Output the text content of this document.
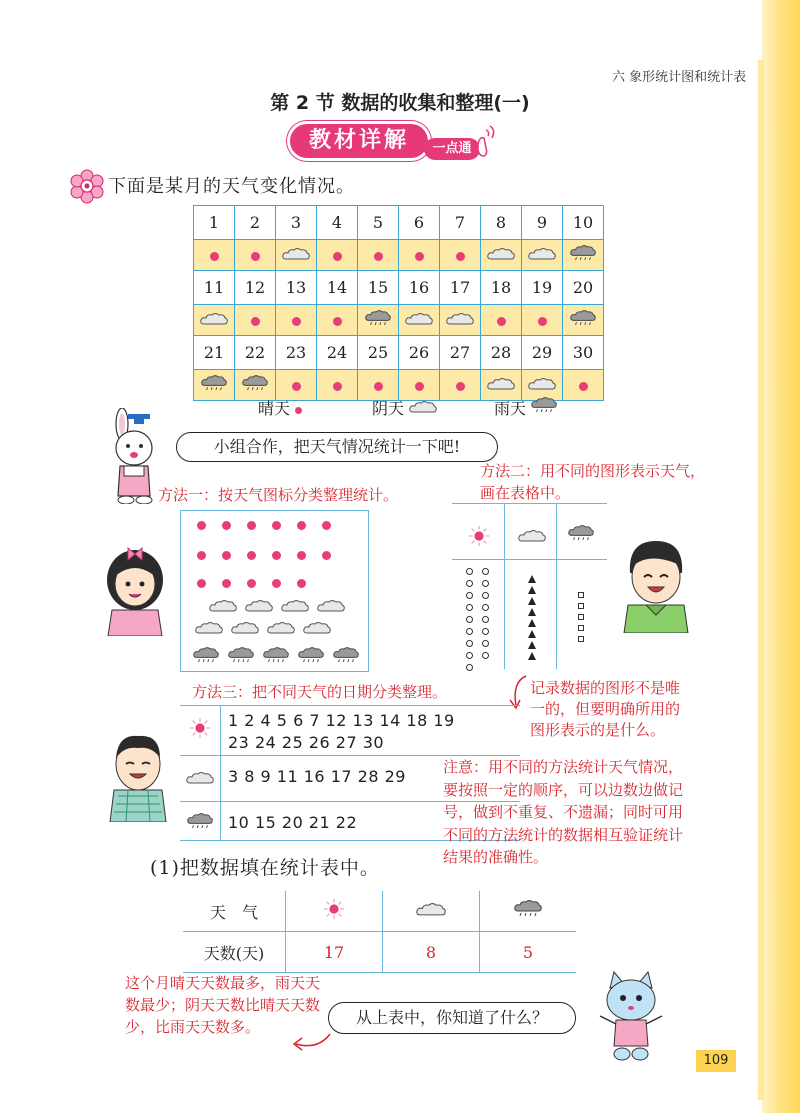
六 象形统计图和统计表
第 2 节 数据的收集和整理(一)
教材详解	一点通
下面是某月的天气变化情况。
1	2	3	4	5	6	7	8	9	10

11	12	13	14	15	16	17	18	19	20

21	22	23	24	25	26	27	28	29	30

晴天	阴天	雨天
小组合作，把天气情况统计一下吧!
方法一：按天气图标分类整理统计。
方法二：用不同的图形表示天气，画在表格中。
方法三：把不同天气的日期分类整理。	记录数据的图形不是唯一的，但要明确所用的图形表示的是什么。
1 2 4 5 6 7 12 13 14 18 19
23 24 25 26 27 30
3 8 9 11 16 17 28 29
10 15 20 21 22
注意：用不同的方法统计天气情况，要按照一定的顺序，可以边数边做记号，做到不重复、不遗漏；同时可用不同的方法统计的数据相互验证统计结果的准确性。
(1)把数据填在统计表中。
天　气			
天数(天)	17	8	5
这个月晴天天数最多，雨天天数最少；阴天天数比晴天天数少，比雨天天数多。	从上表中，你知道了什么？
109
